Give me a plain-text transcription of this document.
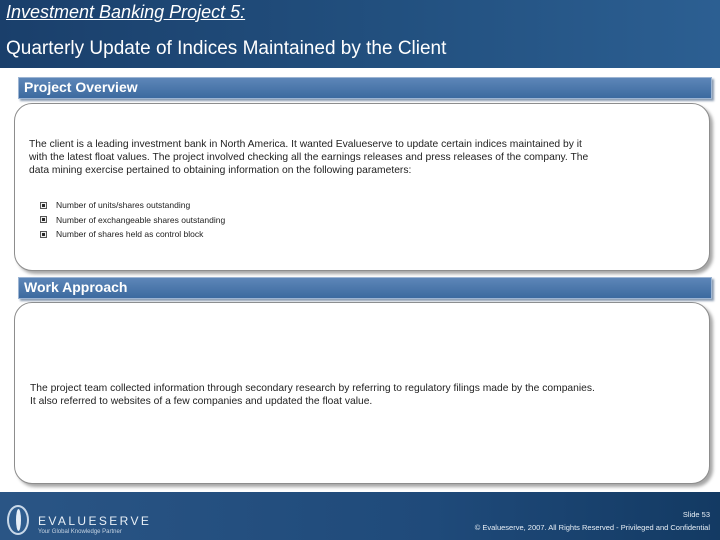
Investment Banking Project 5:
Quarterly Update of Indices Maintained by the Client
Project Overview
The client is a leading investment bank in North America. It wanted Evalueserve to update certain indices maintained by it
with the latest float values. The project involved checking all the earnings releases and press releases of the company. The
data mining exercise pertained to obtaining information on the following parameters:
Number of units/shares outstanding
Number of exchangeable shares outstanding
Number of shares held as control block
Work Approach
The project team collected information through secondary research by referring to regulatory filings made by the companies.
It also referred to websites of a few companies and updated the float value.
EVALUESERVE
Your Global Knowledge Partner
Slide 53
© Evalueserve, 2007. All Rights Reserved - Privileged and Confidential
